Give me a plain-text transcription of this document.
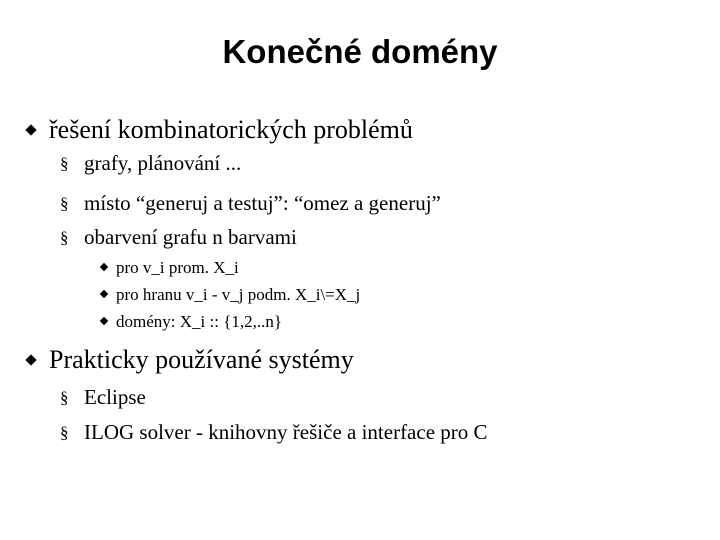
Konečné domény
řešení kombinatorických problémů
§ grafy, plánování ...
§ místo “generuj a testuj”: “omez a generuj”
§ obarvení grafu n barvami
pro v_i prom. X_i
pro hranu v_i - v_j podm. X_i\=X_j
domény: X_i :: {1,2,..n}
Prakticky používané systémy
§ Eclipse
§ ILOG solver - knihovny řešiče a interface pro C
